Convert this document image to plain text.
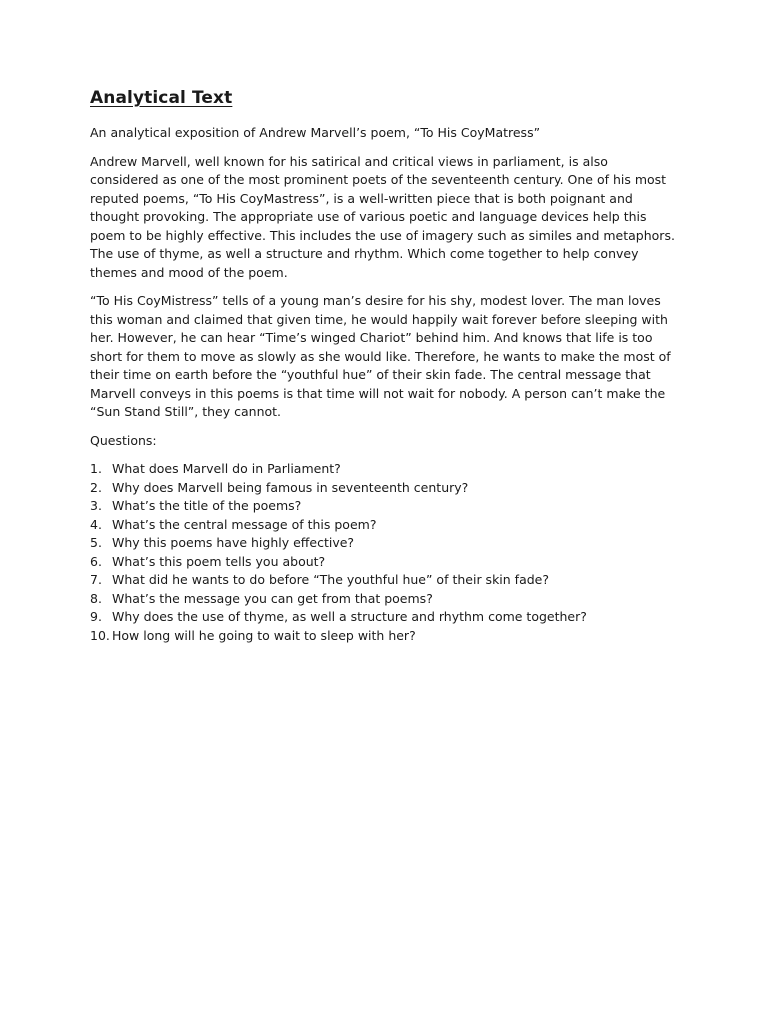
Analytical Text

An analytical exposition of Andrew Marvell’s poem, “To His CoyMatress”

Andrew Marvell, well known for his satirical and critical views in parliament, is also considered as one of the most prominent poets of the seventeenth century. One of his most reputed poems, “To His CoyMastress”, is a well-written piece that is both poignant and thought provoking. The appropriate use of various poetic and language devices help this poem to be highly effective. This includes the use of imagery such as similes and metaphors. The use of thyme, as well a structure and rhythm. Which come together to help convey themes and mood of the poem.

“To His CoyMistress” tells of a young man’s desire for his shy, modest lover. The man loves this woman and claimed that given time, he would happily wait forever before sleeping with her. However, he can hear “Time’s winged Chariot” behind him. And knows that life is too short for them to move as slowly as she would like. Therefore, he wants to make the most of their time on earth before the “youthful hue” of their skin fade. The central message that Marvell conveys in this poems is that time will not wait for nobody. A person can’t make the “Sun Stand Still”, they cannot.

Questions:

1. What does Marvell do in Parliament?
2. Why does Marvell being famous in seventeenth century?
3. What’s the title of the poems?
4. What’s the central message of this poem?
5. Why this poems have highly effective?
6. What’s this poem tells you about?
7. What did he wants to do before “The youthful hue” of their skin fade?
8. What’s the message you can get from that poems?
9. Why does the use of thyme, as well a structure and rhythm come together?
10. How long will he going to wait to sleep with her?
